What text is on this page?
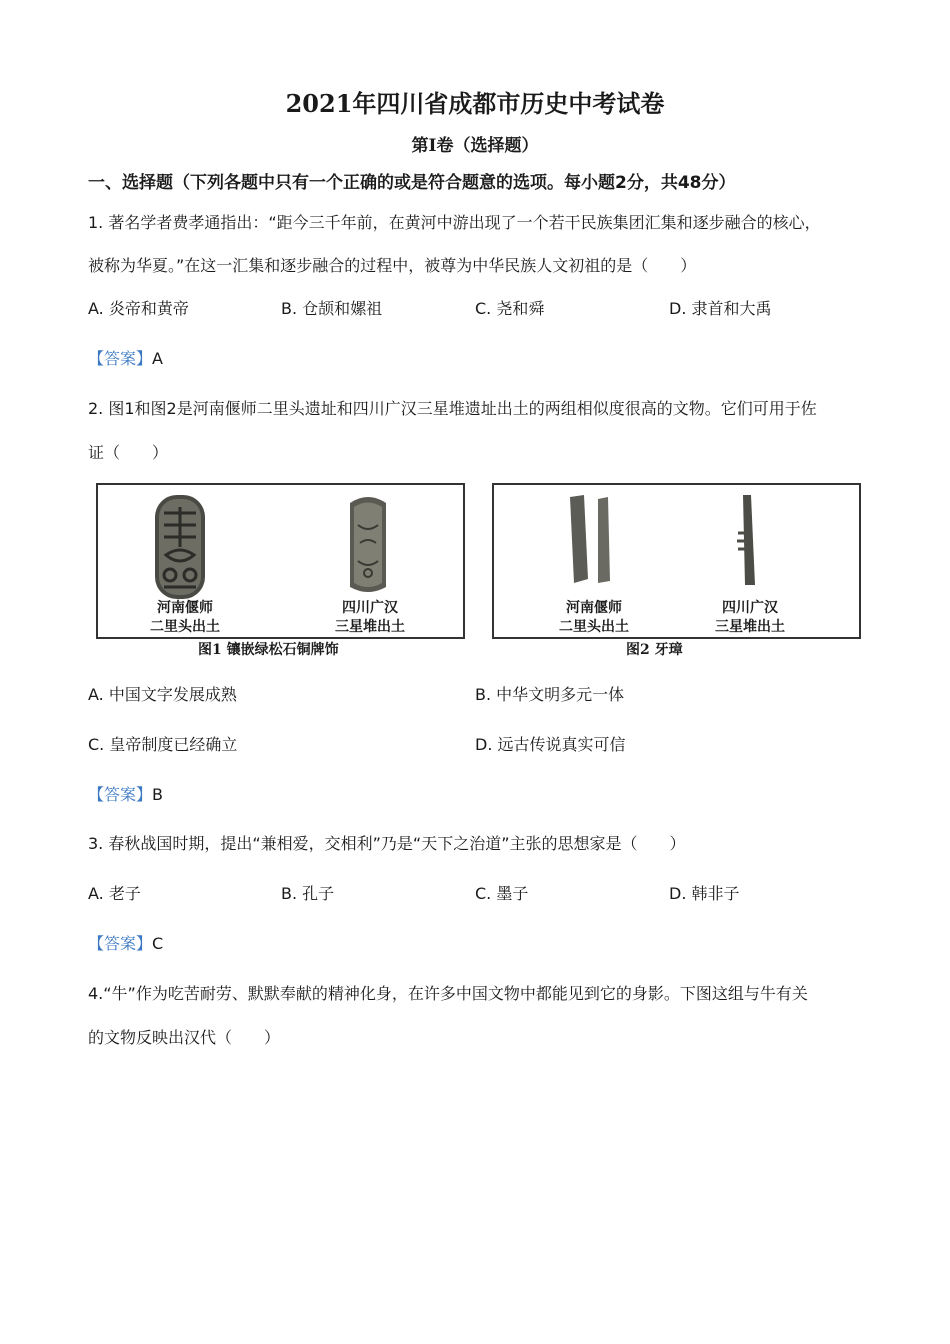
2021年四川省成都市历史中考试卷
第Ⅰ卷（选择题）
一、选择题（下列各题中只有一个正确的或是符合题意的选项。每小题2分，共48分）
1. 著名学者费孝通指出：“距今三千年前，在黄河中游出现了一个若干民族集团汇集和逐步融合的核心，
被称为华夏。”在这一汇集和逐步融合的过程中，被尊为中华民族人文初祖的是（　　）
A. 炎帝和黄帝	B. 仓颉和嫘祖	C. 尧和舜	D. 隶首和大禹
【答案】A
2. 图1和图2是河南偃师二里头遗址和四川广汉三星堆遗址出土的两组相似度很高的文物。它们可用于佐
证（　　）
河南偃师
二里头出土
四川广汉
三星堆出土
图1 镶嵌绿松石铜牌饰
河南偃师
二里头出土
四川广汉
三星堆出土
图2 牙璋
A. 中国文字发展成熟	B. 中华文明多元一体
C. 皇帝制度已经确立	D. 远古传说真实可信
【答案】B
3. 春秋战国时期，提出“兼相爱，交相利”乃是“天下之治道”主张的思想家是（　　）
A. 老子	B. 孔子	C. 墨子	D. 韩非子
【答案】C
4.“牛”作为吃苦耐劳、默默奉献的精神化身，在许多中国文物中都能见到它的身影。下图这组与牛有关
的文物反映出汉代（　　）
